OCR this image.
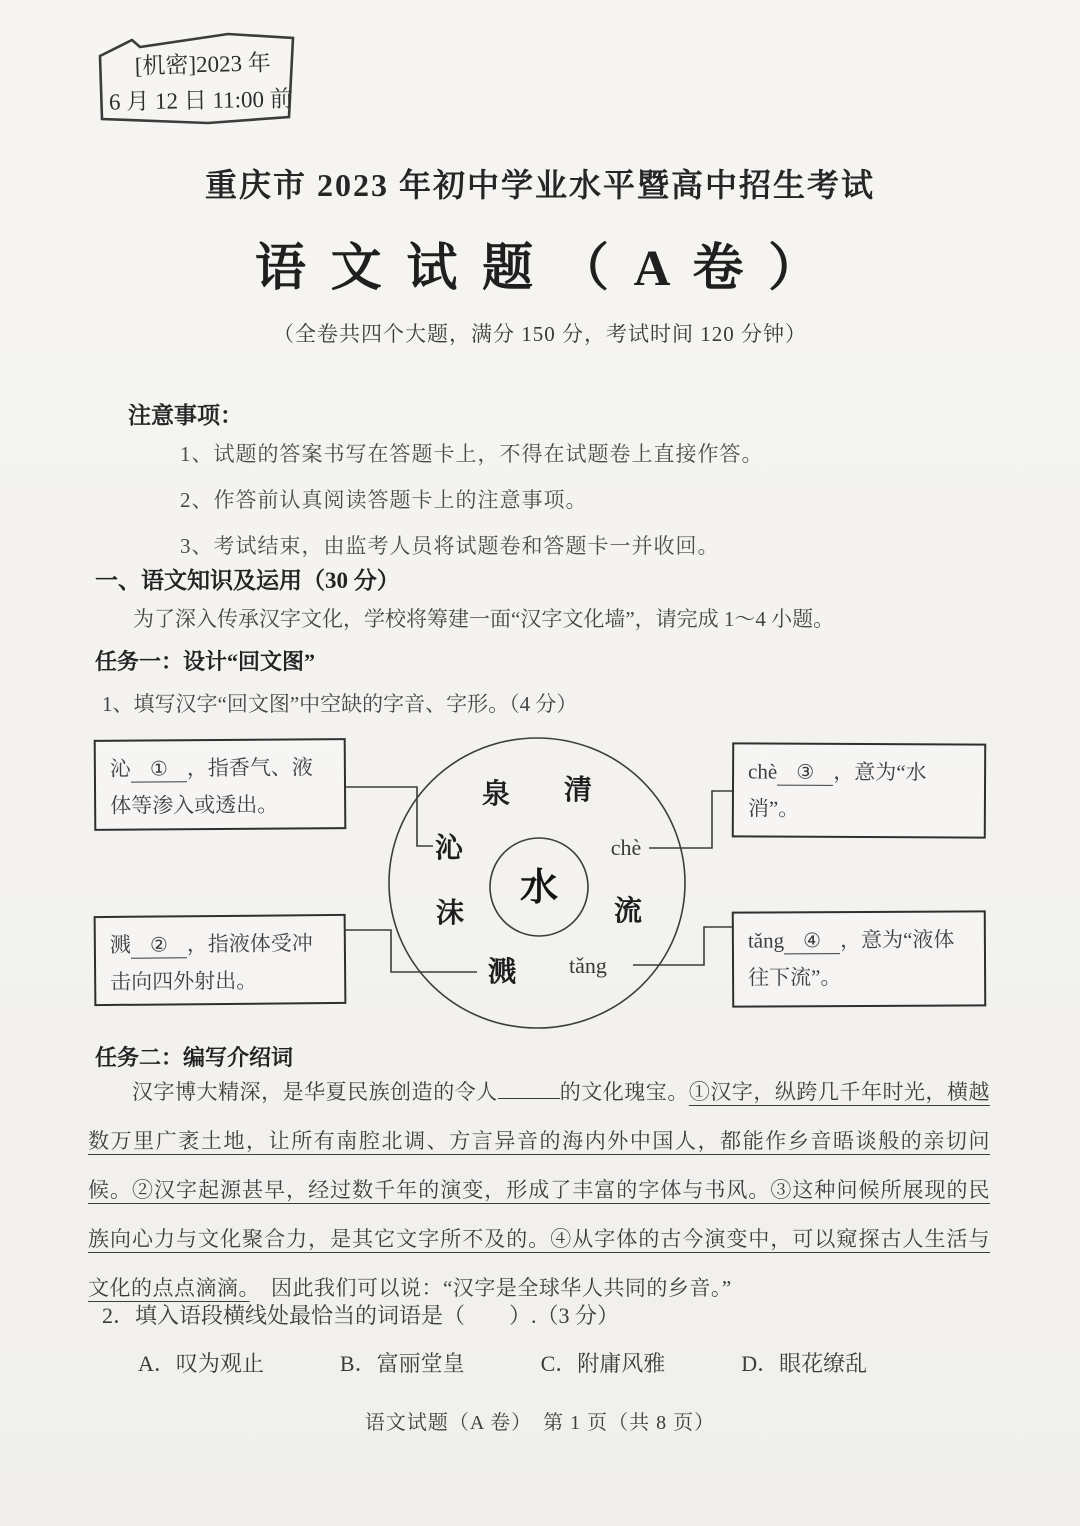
[机密]2023 年
6 月 12 日 11:00 前
重庆市 2023 年初中学业水平暨高中招生考试
语 文 试 题 （ A 卷 ）
（全卷共四个大题，满分 150 分，考试时间 120 分钟）
注意事项：
1、试题的答案书写在答题卡上，不得在试题卷上直接作答。
2、作答前认真阅读答题卡上的注意事项。
3、考试结束，由监考人员将试题卷和答题卡一并收回。
一、语文知识及运用（30 分）
为了深入传承汉字文化，学校将筹建一面“汉字文化墙”，请完成 1～4 小题。
任务一：设计“回文图”
1、填写汉字“回文图”中空缺的字音、字形。（4 分）
水
泉 清
沁	chè
沫	流
溅 tǎng
沁 ① ，指香气、液体等渗入或透出。
溅 ② ，指液体受冲击向四外射出。
chè ③ ，意为“水消”。
tǎng ④ ，意为“液体往下流”。
任务二：编写介绍词
汉字博大精深，是华夏民族创造的令人	的文化瑰宝。①汉字，纵跨几千年时光，横越数万里广袤土地，让所有南腔北调、方言异音的海内外中国人，都能作乡音晤谈般的亲切问候。②汉字起源甚早，经过数千年的演变，形成了丰富的字体与书风。③这种问候所展现的民族向心力与文化聚合力，是其它文字所不及的。④从字体的古今演变中，可以窥探古人生活与文化的点点滴滴。　因此我们可以说：“汉字是全球华人共同的乡音。”
2．填入语段横线处最恰当的词语是（　　）.（3 分）
A．叹为观止	B．富丽堂皇	C．附庸风雅	D．眼花缭乱
语文试题（A 卷）　第 1 页（共 8 页）
